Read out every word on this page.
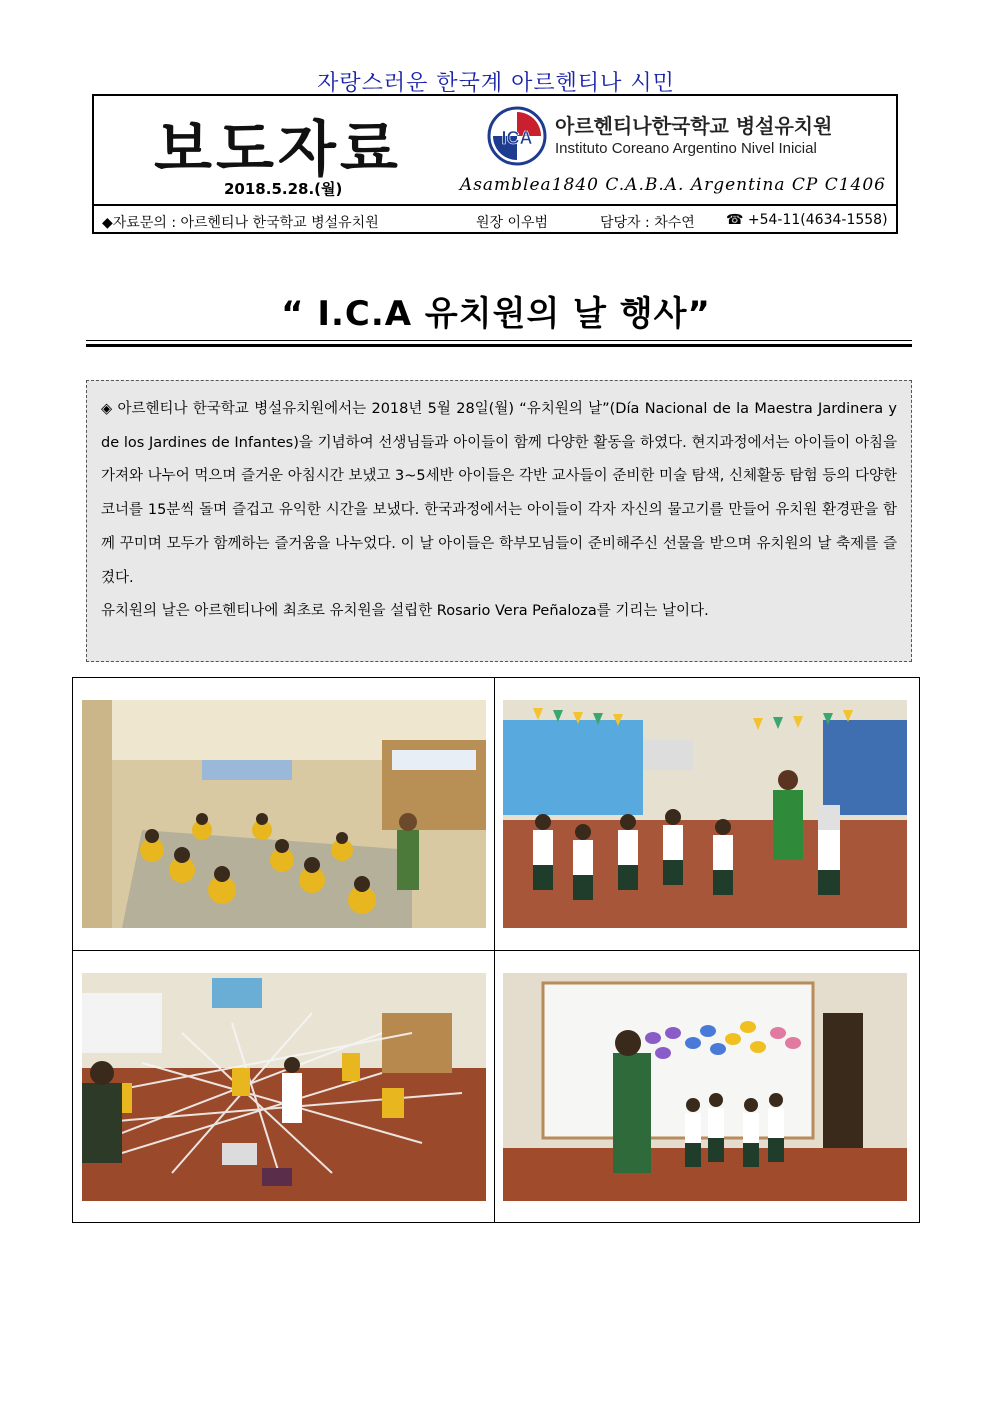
자랑스러운 한국계 아르헨티나 시민
보도자료	ICA 아르헨티나한국학교 병설유치원
Instituto Coreano Argentino Nivel Inicial
2018.5.28.(월)	Asamblea1840 C.A.B.A. Argentina CP C1406
◆자료문의 : 아르헨티나 한국학교 병설유치원	원장 이우범	담당자 : 차수연 ☎ +54-11(4634-1558)
“ I.C.A 유치원의 날 행사”

◈ 아르헨티나 한국학교 병설유치원에서는 2018년 5월 28일(월) “유치원의 날”(Día Nacional de la Maestra Jardinera y de los Jardines de Infantes)을 기념하여 선생님들과 아이들이 함께 다양한 활동을 하였다. 현지과정에서는 아이들이 아침을 가져와 나누어 먹으며 즐거운 아침시간 보냈고 3~5세반 아이들은 각반 교사들이 준비한 미술 탐색, 신체활동 탐험 등의 다양한 코너를 15분씩 돌며 즐겁고 유익한 시간을 보냈다. 한국과정에서는 아이들이 각자 자신의 물고기를 만들어 유치원 환경판을 함께 꾸미며 모두가 함께하는 즐거움을 나누었다. 이 날 아이들은 학부모님들이 준비해주신 선물을 받으며 유치원의 날 축제를 즐겼다.

유치원의 날은 아르헨티나에 최초로 유치원을 설립한 Rosario Vera Peñaloza를 기리는 날이다.
